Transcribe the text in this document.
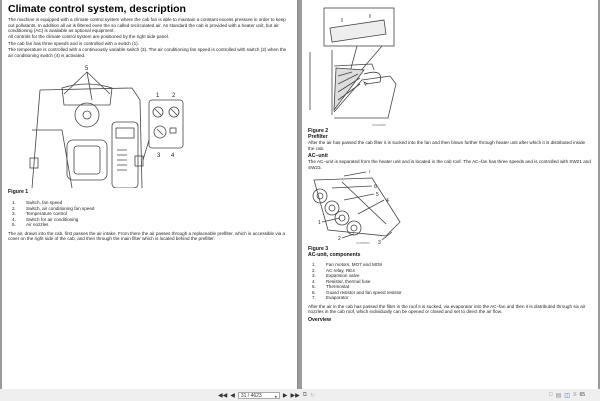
Climate control system, description
The machine is equipped with a climate control system where the cab fan is able to maintain a constant excess pressure in order to keep out pollutants. In addition all air is filtered even the so called recirculated air. As standard the cab is provided with a heater unit, but air conditioning (AC) is available as optional equipment.
All controls for the climate control system are positioned by the right side panel.
The cab fan has three speeds and is controlled with a switch (1).
The temperature is controlled with a continuously variable switch (3). The air conditioning fan speed is controlled with switch (2) when the air conditioning switch (4) is activated.
5
1 2
3 4
Figure 1
1.	Switch, fan speed
2.	Switch, air conditioning fan speed
3.	Temperature control
4.	Switch for air conditioning
5.	Air nozzles
The air, drawn into the cab, first passes the air intake. From there the air passes through a replaceable prefilter, which is accessible via a cover on the right side of the cab, and then through the main filter which is located behind the prefilter.
V1022366
Figure 2
Prefilter
After the air has passed the cab filter it is sucked into the fan and then blown further through heater unit after which it is distributed inside the cab.
AC–unit
The AC–unit is separated from the heater unit and is located in the cab roof. The AC–fan has three speeds and is controlled with SW21 and SW23.
7
6
5
4
1
2
3
V1060553
Figure 3
AC-unit, components
1.	Fan motors, MO7 and MO8
2.	AC relay, RE4
3.	Expansion valve
4.	Resistor, thermal fuse
5.	Thermostat
6.	Guard resistor and fan speed resistor
7.	Evaporator
After the air in the cab has passed the filter in the roof it is sucked, via evaporator into the AC–fan and then it is distributed through six air nozzles in the cab roof, which individually can be opened or closed and set to direct the air flow.
Overview
◀◀ ◀	31 / 4623	▾ ▶ ▶▶ ⧉ ↻	□ ▤ ◫ ≡ 65
